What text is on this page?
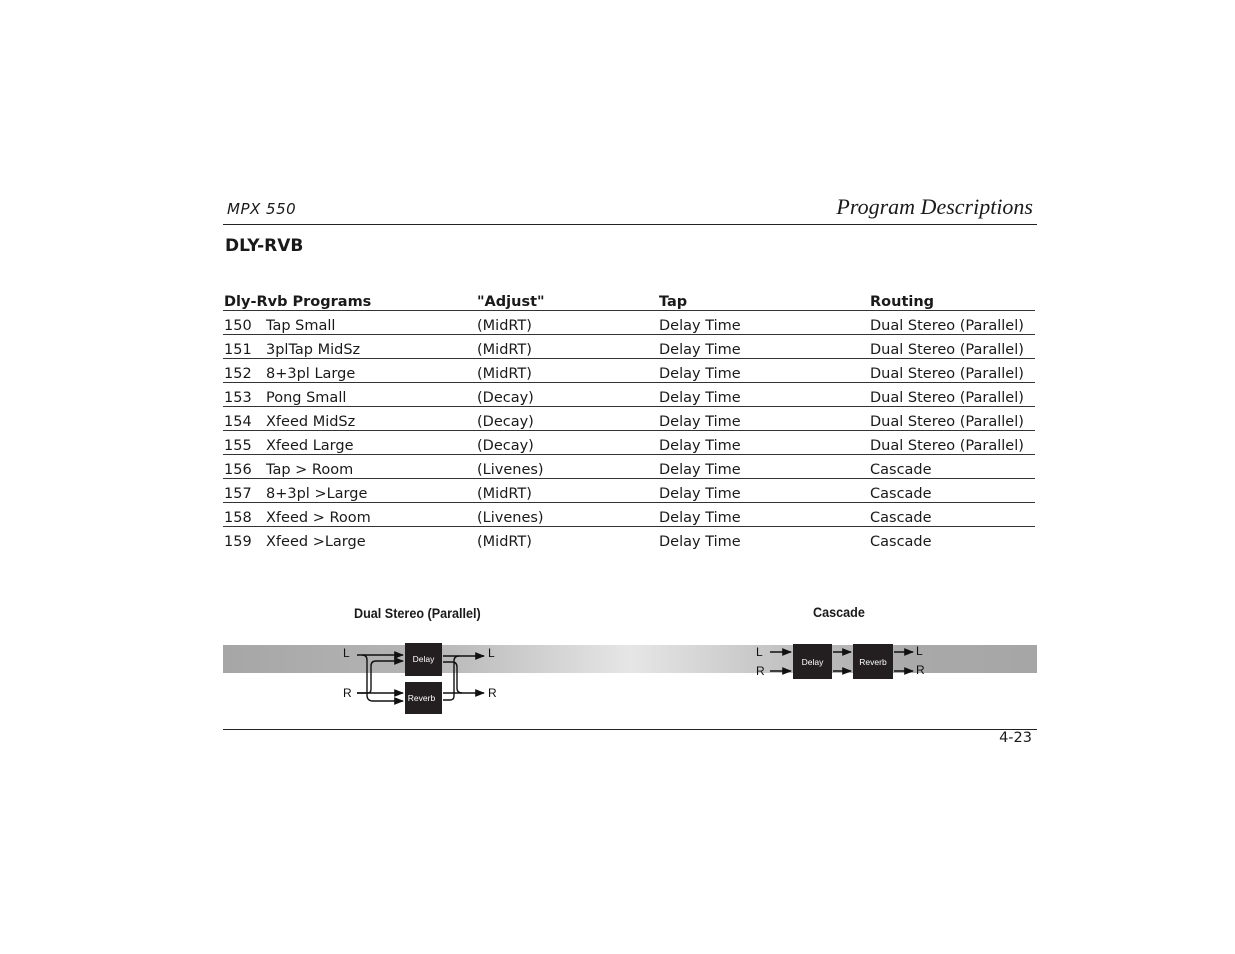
MPX 550	Program Descriptions
DLY-RVB
Dly-Rvb Programs	"Adjust"	Tap	Routing
150 Tap Small	(MidRT)	Delay Time	Dual Stereo (Parallel)
151 3plTap MidSz	(MidRT)	Delay Time	Dual Stereo (Parallel)
152 8+3pl Large	(MidRT)	Delay Time	Dual Stereo (Parallel)
153 Pong Small	(Decay)	Delay Time	Dual Stereo (Parallel)
154 Xfeed MidSz	(Decay)	Delay Time	Dual Stereo (Parallel)
155 Xfeed Large	(Decay)	Delay Time	Dual Stereo (Parallel)
156 Tap > Room	(Livenes)	Delay Time	Cascade
157 8+3pl >Large	(MidRT)	Delay Time	Cascade
158 Xfeed > Room	(Livenes)	Delay Time	Cascade
159 Xfeed >Large	(MidRT)	Delay Time	Cascade
Dual Stereo (Parallel)	Cascade
L
R
L
R
Delay
Reverb
L
R
L
R
Delay	Reverb
4-23
